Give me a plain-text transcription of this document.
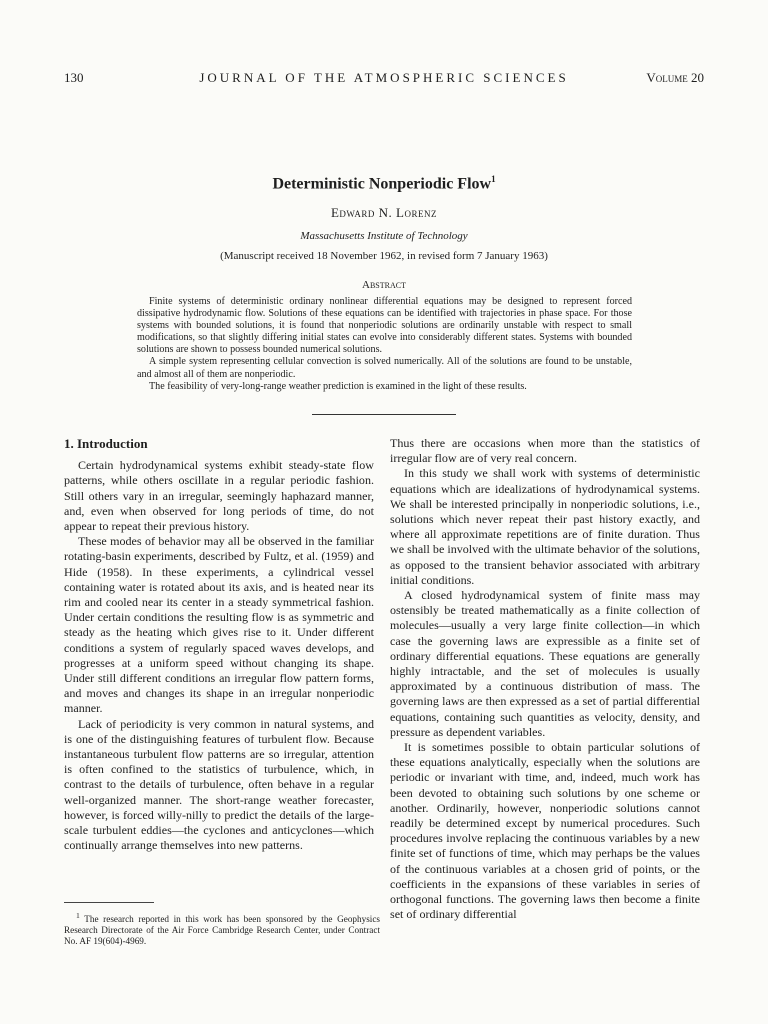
130	JOURNAL OF THE ATMOSPHERIC SCIENCES	Volume 20
Deterministic Nonperiodic Flow$^1$
Edward N. Lorenz
Massachusetts Institute of Technology
(Manuscript received 18 November 1962, in revised form 7 January 1963)
Abstract

Finite systems of deterministic ordinary nonlinear differential equations may be designed to represent forced dissipative hydrodynamic flow. Solutions of these equations can be identified with trajectories in phase space. For those systems with bounded solutions, it is found that nonperiodic solutions are ordinarily unstable with respect to small modifications, so that slightly differing initial states can evolve into considerably different states. Systems with bounded solutions are shown to possess bounded numerical solutions.

A simple system representing cellular convection is solved numerically. All of the solutions are found to be unstable, and almost all of them are nonperiodic.

The feasibility of very-long-range weather prediction is examined in the light of these results.

1. Introduction

Certain hydrodynamical systems exhibit steady-state flow patterns, while others oscillate in a regular periodic fashion. Still others vary in an irregular, seemingly haphazard manner, and, even when observed for long periods of time, do not appear to repeat their previous history.

These modes of behavior may all be observed in the familiar rotating-basin experiments, described by Fultz, et al. (1959) and Hide (1958). In these experiments, a cylindrical vessel containing water is rotated about its axis, and is heated near its rim and cooled near its center in a steady symmetrical fashion. Under certain conditions the resulting flow is as symmetric and steady as the heating which gives rise to it. Under different conditions a system of regularly spaced waves develops, and progresses at a uniform speed without changing its shape. Under still different conditions an irregular flow pattern forms, and moves and changes its shape in an irregular nonperiodic manner.

Lack of periodicity is very common in natural systems, and is one of the distinguishing features of turbulent flow. Because instantaneous turbulent flow patterns are so irregular, attention is often confined to the statistics of turbulence, which, in contrast to the details of turbulence, often behave in a regular well-organized manner. The short-range weather forecaster, however, is forced willy-nilly to predict the details of the large-scale turbulent eddies—the cyclones and anticyclones—which continually arrange themselves into new patterns.

Thus there are occasions when more than the statistics of irregular flow are of very real concern.

In this study we shall work with systems of deterministic equations which are idealizations of hydrodynamical systems. We shall be interested principally in nonperiodic solutions, i.e., solutions which never repeat their past history exactly, and where all approximate repetitions are of finite duration. Thus we shall be involved with the ultimate behavior of the solutions, as opposed to the transient behavior associated with arbitrary initial conditions.

A closed hydrodynamical system of finite mass may ostensibly be treated mathematically as a finite collection of molecules—usually a very large finite collection—in which case the governing laws are expressible as a finite set of ordinary differential equations. These equations are generally highly intractable, and the set of molecules is usually approximated by a continuous distribution of mass. The governing laws are then expressed as a set of partial differential equations, containing such quantities as velocity, density, and pressure as dependent variables.

It is sometimes possible to obtain particular solutions of these equations analytically, especially when the solutions are periodic or invariant with time, and, indeed, much work has been devoted to obtaining such solutions by one scheme or another. Ordinarily, however, nonperiodic solutions cannot readily be determined except by numerical procedures. Such procedures involve replacing the continuous variables by a new finite set of functions of time, which may perhaps be the values of the continuous variables at a chosen grid of points, or the coefficients in the expansions of these variables in series of orthogonal functions. The governing laws then become a finite set of ordinary differential

$^1$ The research reported in this work has been sponsored by the Geophysics Research Directorate of the Air Force Cambridge Research Center, under Contract No. AF 19(604)-4969.
